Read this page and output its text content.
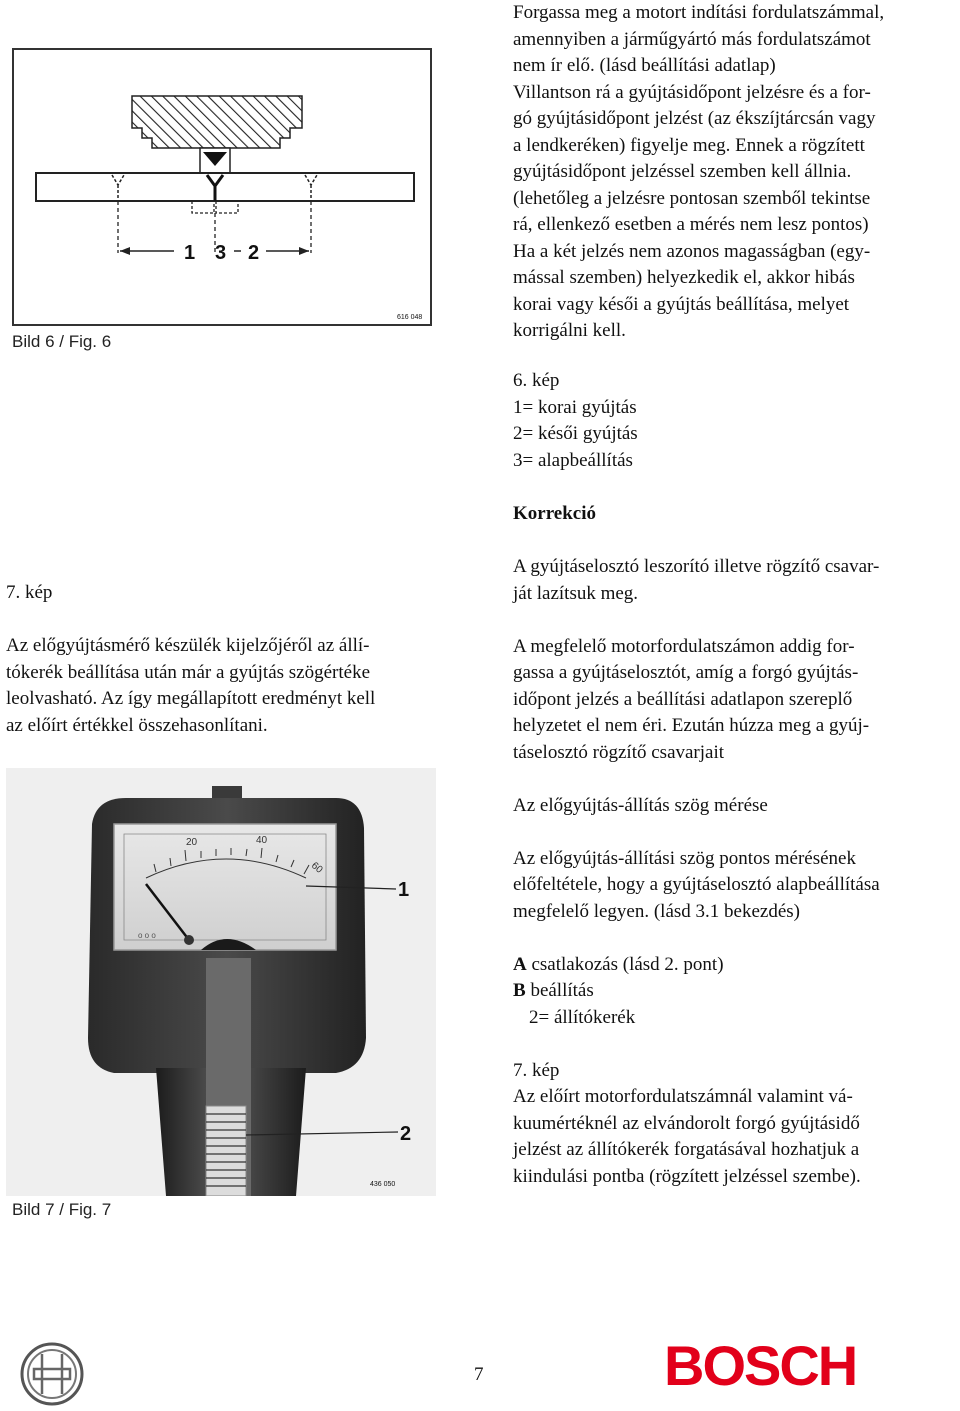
1 3 2
616 048
Bild 6 / Fig. 6

Forgassa meg a motort indítási fordulatszámmal,

amennyiben a járműgyártó más fordulatszámot

nem ír elő. (lásd beállítási adatlap)

Villantson rá a gyújtásidőpont jelzésre és a for-

gó gyújtásidőpont jelzést (az ékszíjtárcsán vagy

a lendkeréken) figyelje meg. Ennek a rögzített

gyújtásidőpont jelzéssel szemben kell állnia.

(lehetőleg a jelzésre pontosan szemből tekintse

rá, ellenkező esetben a mérés nem lesz pontos)

Ha a két jelzés nem azonos magasságban (egy-

mással szemben) helyezkedik el, akkor hibás

korai vagy késői a gyújtás beállítása, melyet

korrigálni kell.

6. kép

1= korai gyújtás

2= késői gyújtás

3= alapbeállítás

Korrekció

A gyújtáselosztó leszorító illetve rögzítő csavar-

ját lazítsuk meg.

A megfelelő motorfordulatszámon addig for-

gassa a gyújtáselosztót, amíg a forgó gyújtás-

időpont jelzés a beállítási adatlapon szereplő

helyzetet el nem éri. Ezután húzza meg a gyúj-

táselosztó rögzítő csavarjait

Az előgyújtás-állítás szög mérése

Az előgyújtás-állítási szög pontos mérésének

előfeltétele, hogy a gyújtáselosztó alapbeállítása

megfelelő legyen. (lásd 3.1 bekezdés)

A csatlakozás (lásd 2. pont)

B beállítás

2= állítókerék

7. kép

Az előírt motorfordulatszámnál valamint vá-

kuumértéknél az elvándorolt forgó gyújtásidő

jelzést az állítókerék forgatásával hozhatjuk a

kiindulási pontba (rögzített jelzéssel szembe).

7. kép

Az előgyújtásmérő készülék kijelzőjéről az állí-

tókerék beállítása után már a gyújtás szögértéke

leolvasható. Az így megállapított eredményt kell

az előírt értékkel összehasonlítani.

20	40
60
o o o
1
2
436 050
Bild 7 / Fig. 7
7	BOSCH
